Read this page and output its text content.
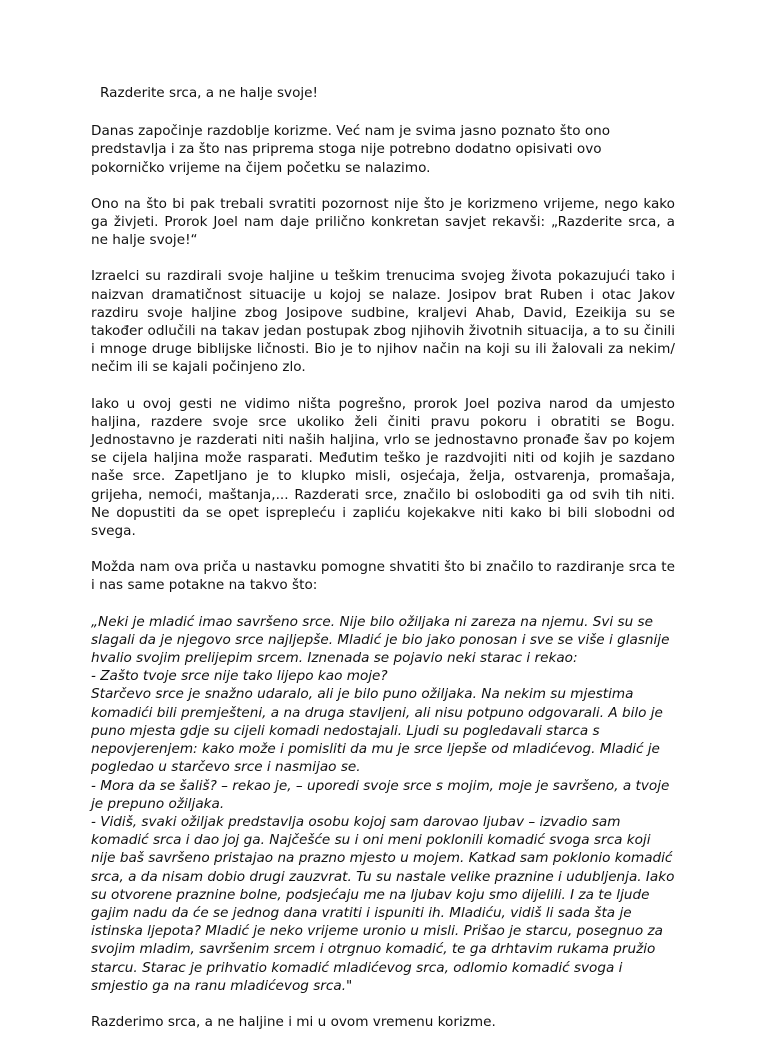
Razderite srca, a ne halje svoje!

Danas započinje razdoblje korizme. Već nam je svima jasno poznato što ono predstavlja i za što nas priprema stoga nije potrebno dodatno opisivati ovo pokorničko vrijeme na čijem početku se nalazimo.

Ono na što bi pak trebali svratiti pozornost nije što je korizmeno vrijeme, nego kako ga živjeti. Prorok Joel nam daje prilično konkretan savjet rekavši: „Razderite srca, a ne halje svoje!“

Izraelci su razdirali svoje haljine u teškim trenucima svojeg života pokazujući tako i naizvan dramatičnost situacije u kojoj se nalaze. Josipov brat Ruben i otac Jakov razdiru svoje haljine zbog Josipove sudbine, kraljevi Ahab, David, Ezeikija su se također odlučili na takav jedan postupak zbog njihovih životnih situacija, a to su činili i mnoge druge biblijske ličnosti. Bio je to njihov način na koji su ili žalovali za nekim/ nečim ili se kajali počinjeno zlo.

Iako u ovoj gesti ne vidimo ništa pogrešno, prorok Joel poziva narod da umjesto haljina, razdere svoje srce ukoliko želi činiti pravu pokoru i obratiti se Bogu. Jednostavno je razderati niti naših haljina, vrlo se jednostavno pronađe šav po kojem se cijela haljina može rasparati. Međutim teško je razdvojiti niti od kojih je sazdano naše srce. Zapetljano je to klupko misli, osjećaja, želja, ostvarenja, promašaja, grijeha, nemoći, maštanja,... Razderati srce, značilo bi osloboditi ga od svih tih niti. Ne dopustiti da se opet isprepleću i zapliću kojekakve niti kako bi bili slobodni od svega.

Možda nam ova priča u nastavku pomogne shvatiti što bi značilo to razdiranje srca te i nas same potakne na takvo što:

„Neki je mladić imao savršeno srce. Nije bilo ožiljaka ni zareza na njemu. Svi su se slagali da je njegovo srce najljepše. Mladić je bio jako ponosan i sve se više i glasnije hvalio svojim prelijepim srcem. Iznenada se pojavio neki starac i rekao:
- Zašto tvoje srce nije tako lijepo kao moje?
Starčevo srce je snažno udaralo, ali je bilo puno ožiljaka. Na nekim su mjestima komadići bili premješteni, a na druga stavljeni, ali nisu potpuno odgovarali. A bilo je puno mjesta gdje su cijeli komadi nedostajali. Ljudi su pogledavali starca s nepovjerenjem: kako može i pomisliti da mu je srce ljepše od mladićevog. Mladić je pogledao u starčevo srce i nasmijao se.
- Mora da se šališ? – rekao je, – uporedi svoje srce s mojim, moje je savršeno, a tvoje je prepuno ožiljaka.
- Vidiš, svaki ožiljak predstavlja osobu kojoj sam darovao ljubav – izvadio sam komadić srca i dao joj ga. Najčešće su i oni meni poklonili komadić svoga srca koji nije baš savršeno pristajao na prazno mjesto u mojem. Katkad sam poklonio komadić srca, a da nisam dobio drugi zauzvrat. Tu su nastale velike praznine i udubljenja. Iako su otvorene praznine bolne, podsjećaju me na ljubav koju smo dijelili. I za te ljude gajim nadu da će se jednog dana vratiti i ispuniti ih. Mladiću, vidiš li sada šta je istinska ljepota? Mladić je neko vrijeme uronio u misli. Prišao je starcu, posegnuo za svojim mladim, savršenim srcem i otrgnuo komadić, te ga drhtavim rukama pružio starcu. Starac je prihvatio komadić mladićevog srca, odlomio komadić svoga i smjestio ga na ranu mladićevog srca."

Razderimo srca, a ne haljine i mi u ovom vremenu korizme.
